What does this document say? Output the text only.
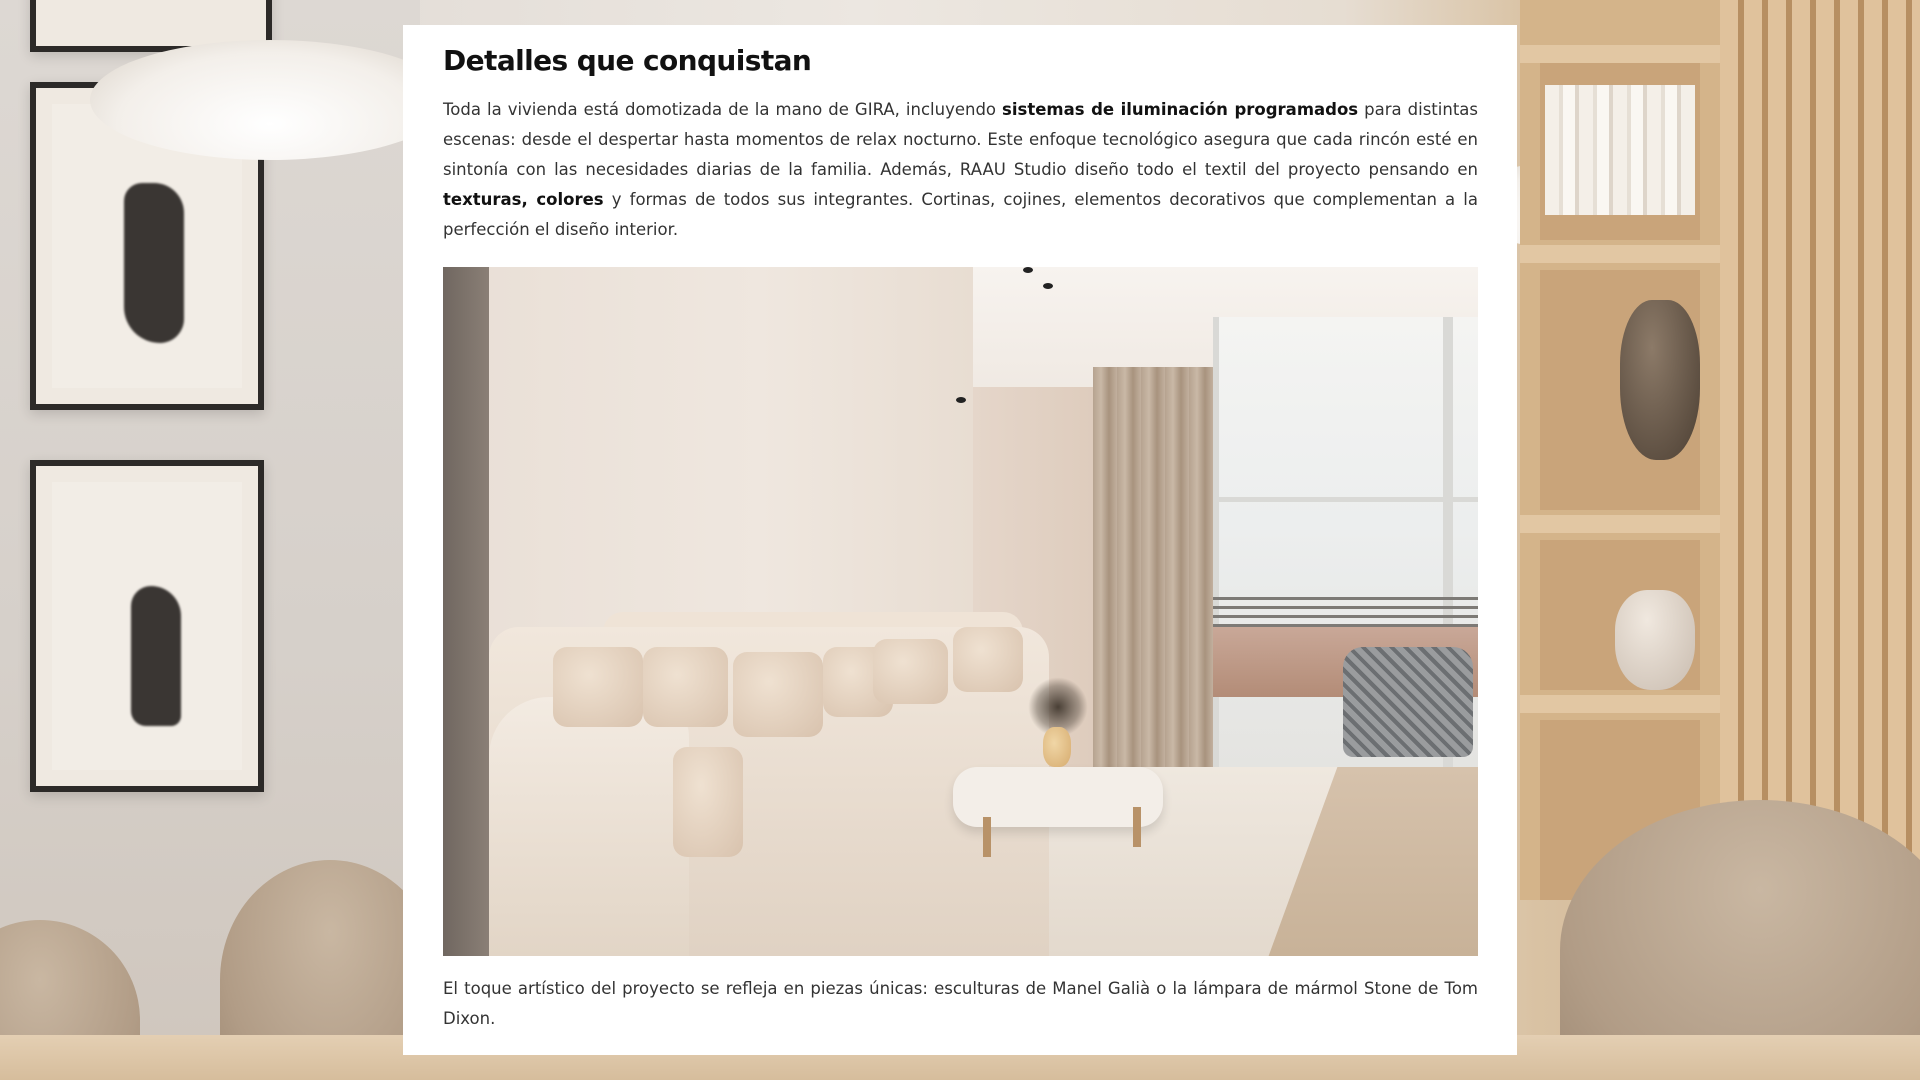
Detalles que conquistan

Toda la vivienda está domotizada de la mano de GIRA, incluyendo sistemas de iluminación programados para distintas escenas: desde el despertar hasta momentos de relax nocturno. Este enfoque tecnológico asegura que cada rincón esté en sintonía con las necesidades diarias de la familia. Además, RAAU Studio diseño todo el textil del proyecto pensando en texturas, colores y formas de todos sus integrantes. Cortinas, cojines, elementos decorativos que complementan a la perfección el diseño interior.

El toque artístico del proyecto se refleja en piezas únicas: esculturas de Manel Galià o la lámpara de mármol Stone de Tom Dixon.
